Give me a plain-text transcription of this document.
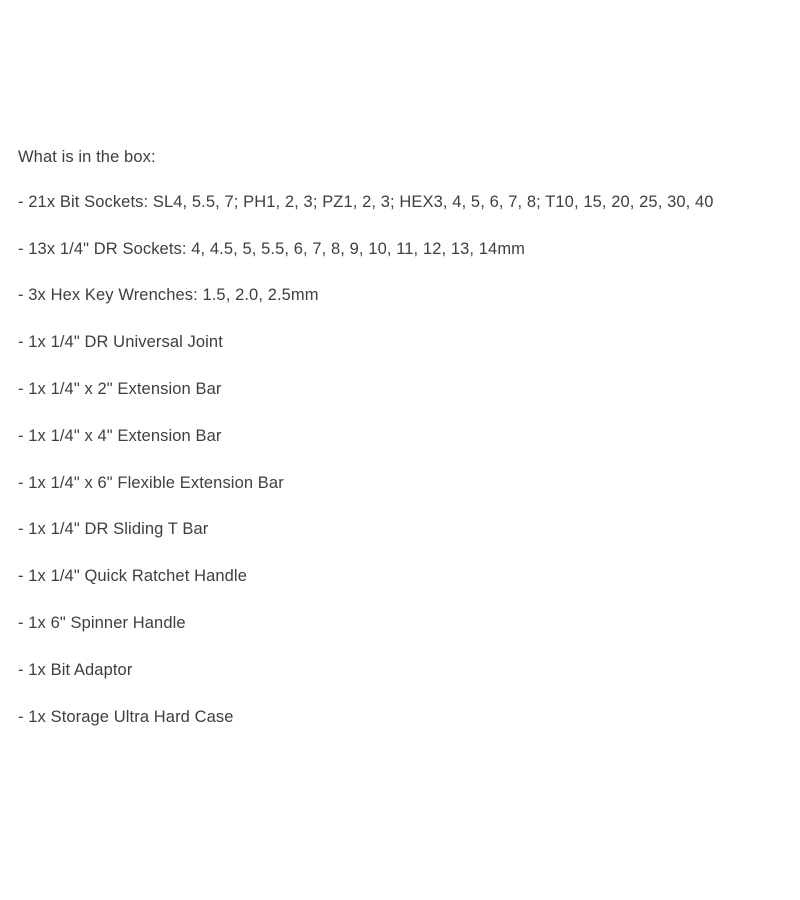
What is in the box:

- 21x Bit Sockets: SL4, 5.5, 7; PH1, 2, 3; PZ1, 2, 3; HEX3, 4, 5, 6, 7, 8; T10, 15, 20, 25, 30, 40
- 13x 1/4" DR Sockets: 4, 4.5, 5, 5.5, 6, 7, 8, 9, 10, 11, 12, 13, 14mm
- 3x Hex Key Wrenches: 1.5, 2.0, 2.5mm
- 1x 1/4" DR Universal Joint
- 1x 1/4" x 2" Extension Bar
- 1x 1/4" x 4" Extension Bar
- 1x 1/4" x 6" Flexible Extension Bar
- 1x 1/4" DR Sliding T Bar
- 1x 1/4" Quick Ratchet Handle
- 1x 6" Spinner Handle
- 1x Bit Adaptor
- 1x Storage Ultra Hard Case
